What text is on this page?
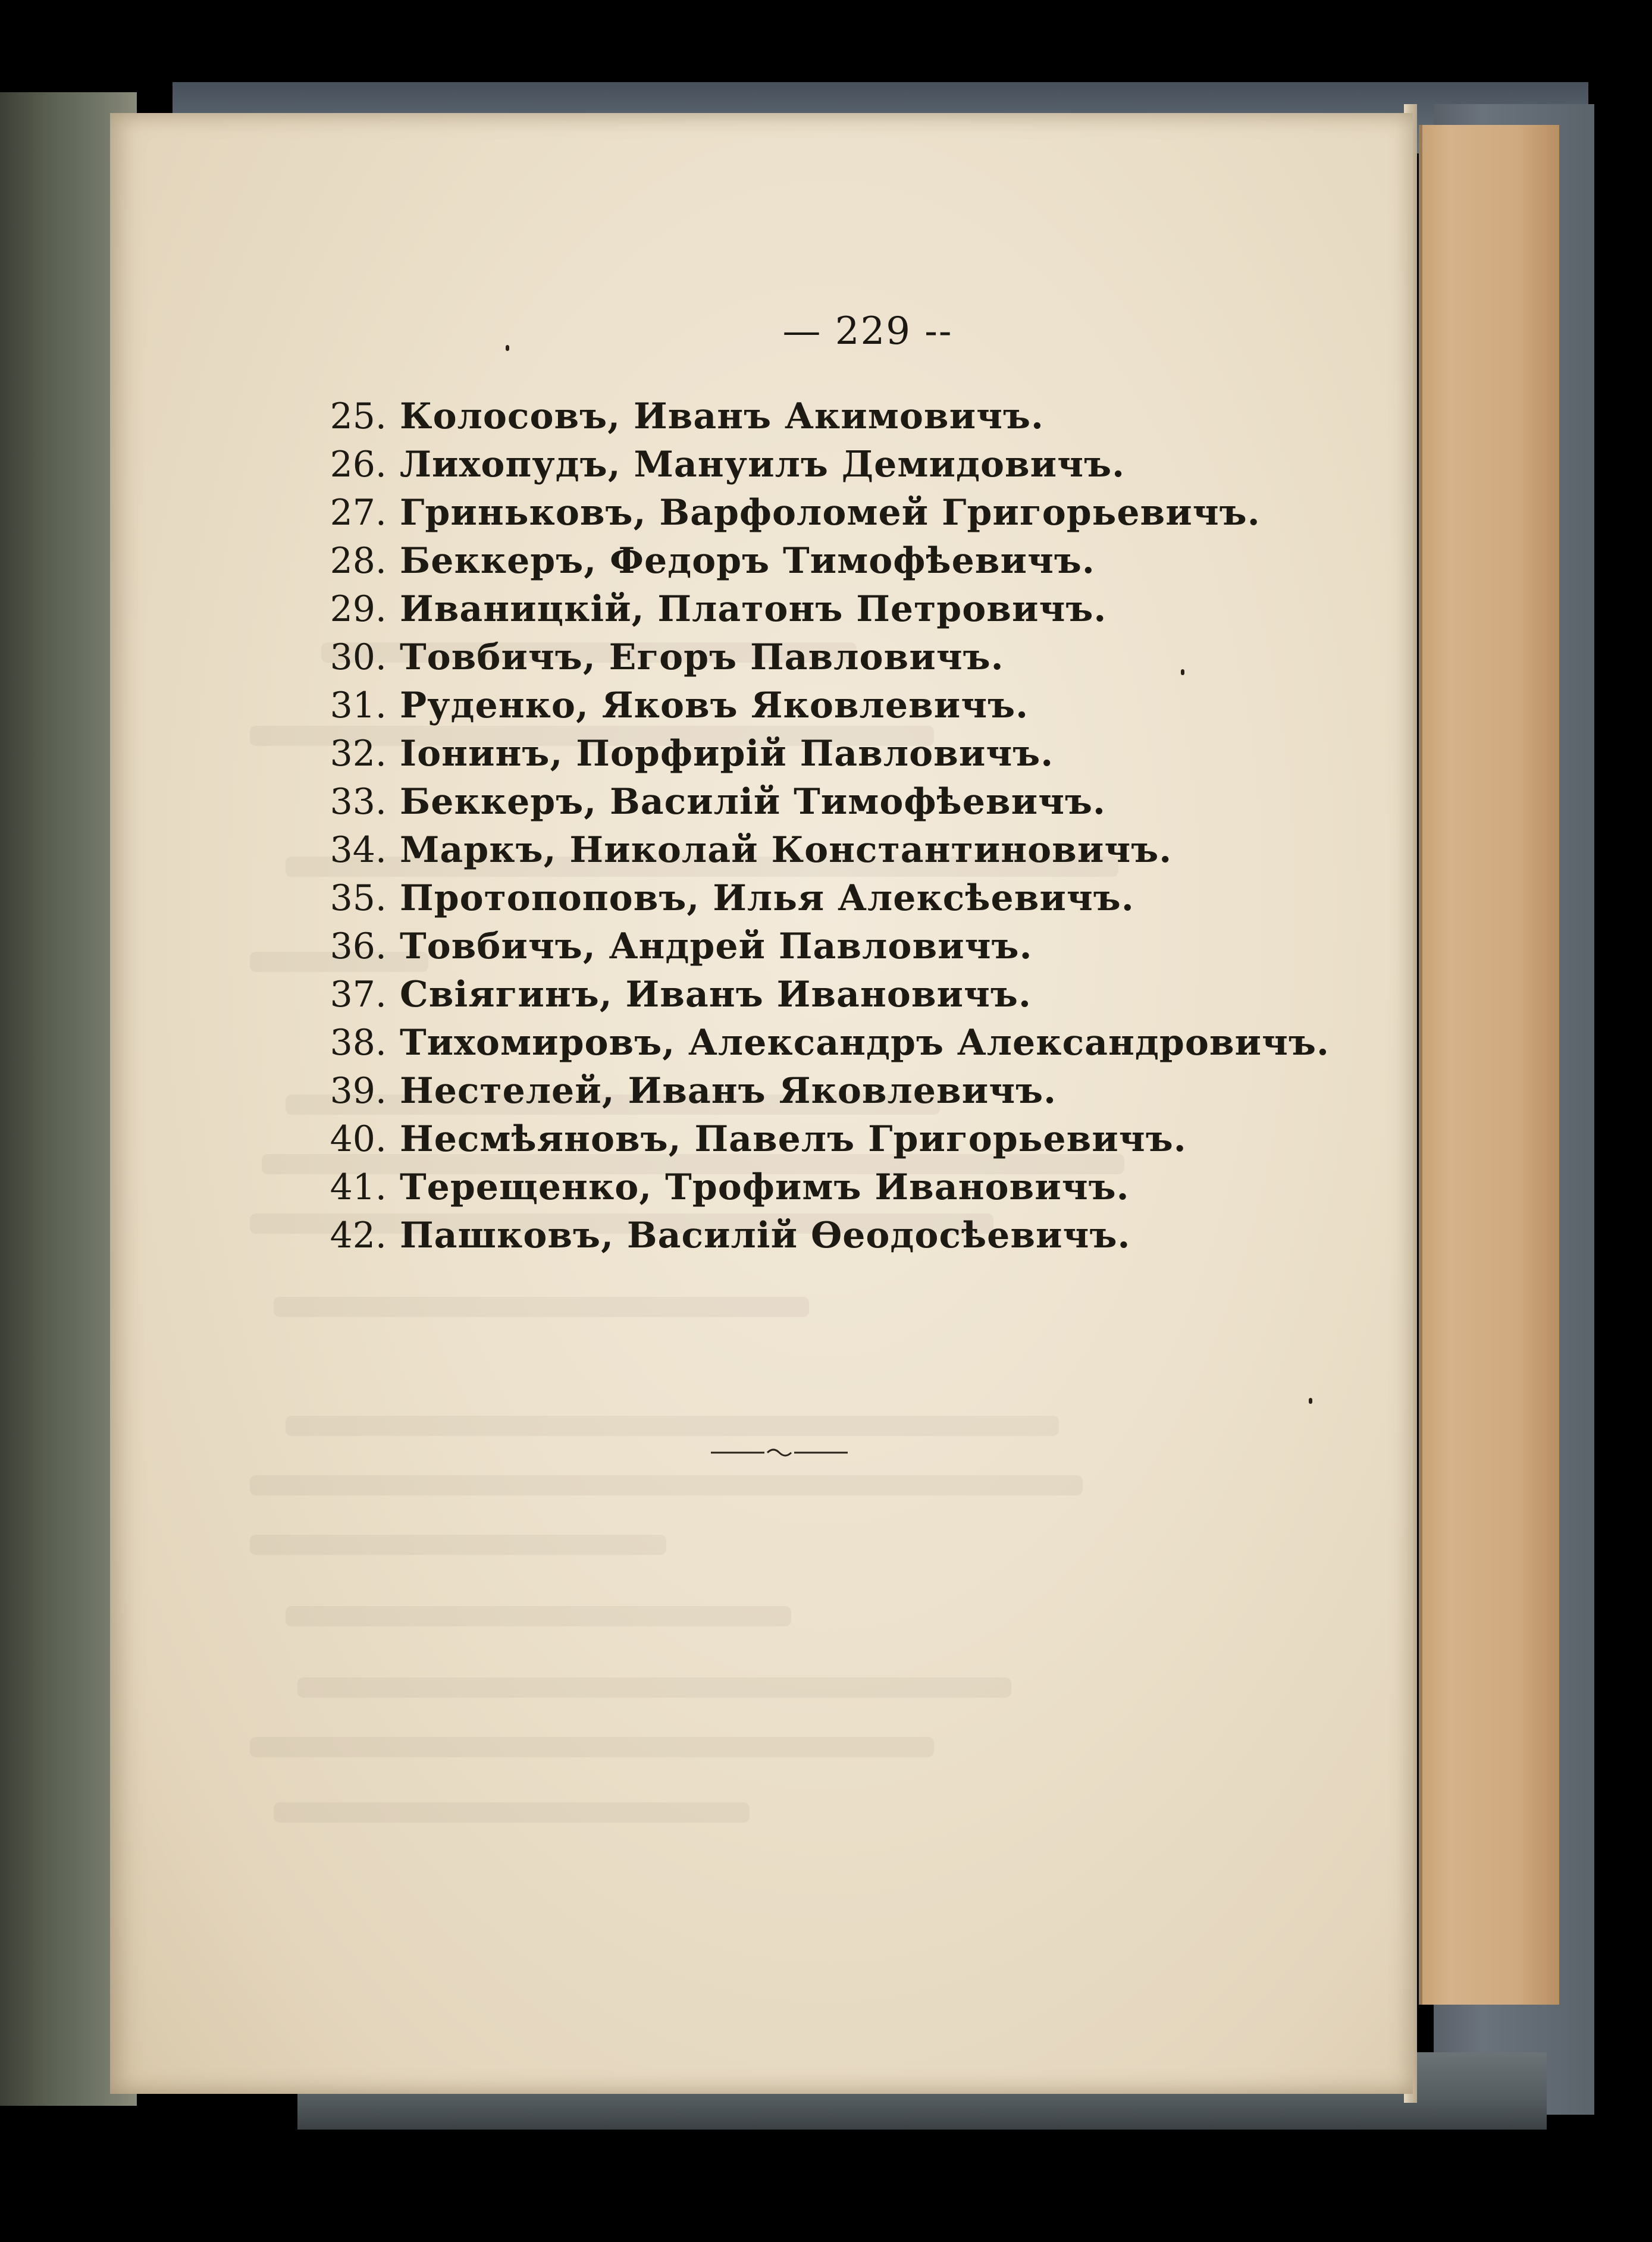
— 229 --
25. Колосовъ, Иванъ Акимовичъ.
26. Лихопудъ, Мануилъ Демидовичъ.
27. Гриньковъ, Варфоломей Григорьевичъ.
28. Беккеръ, Федоръ Тимофѣевичъ.
29. Иваницкій, Платонъ Петровичъ.
30. Товбичъ, Егоръ Павловичъ.
31. Руденко, Яковъ Яковлевичъ.
32. Іонинъ, Порфирій Павловичъ.
33. Беккеръ, Василій Тимофѣевичъ.
34. Маркъ, Николай Константиновичъ.
35. Протопоповъ, Илья Алексѣевичъ.
36. Товбичъ, Андрей Павловичъ.
37. Свіягинъ, Иванъ Ивановичъ.
38. Тихомировъ, Александръ Александровичъ.
39. Нестелей, Иванъ Яковлевичъ.
40. Несмѣяновъ, Павелъ Григорьевичъ.
41. Терещенко, Трофимъ Ивановичъ.
42. Пашковъ, Василій Ѳеодосѣевичъ.
